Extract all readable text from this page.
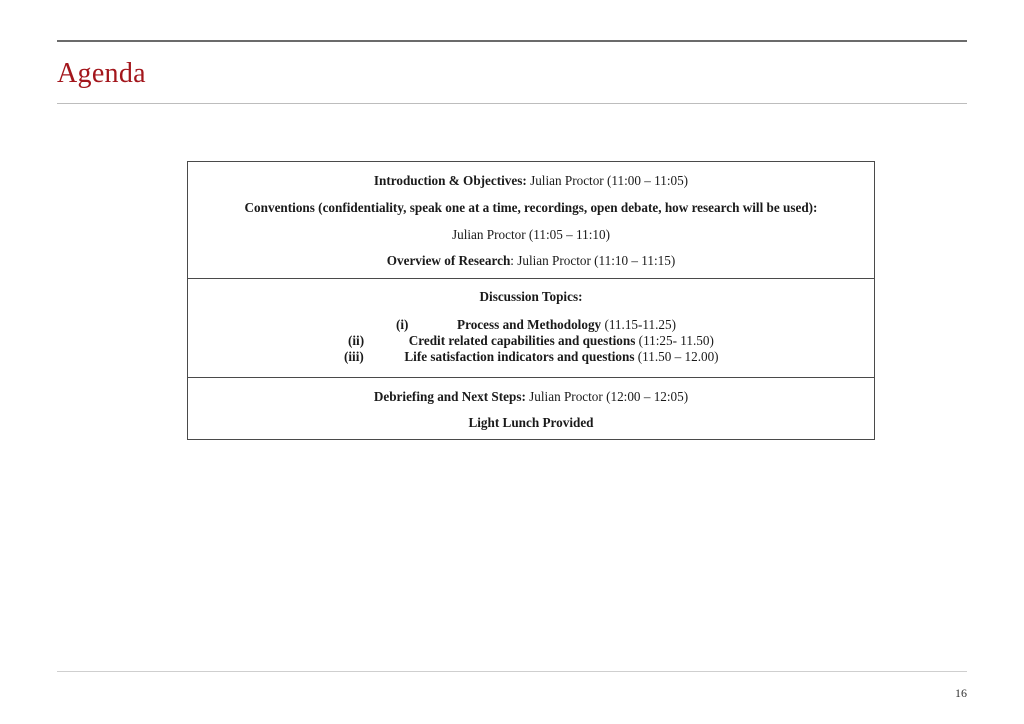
Agenda
Introduction & Objectives: Julian Proctor (11:00 – 11:05)
Conventions (confidentiality, speak one at a time, recordings, open debate, how research will be used):
Julian Proctor (11:05 – 11:10)
Overview of Research: Julian Proctor (11:10 – 11:15)
Discussion Topics:
(i)	Process and Methodology (11.15-11.25)
(ii)	Credit related capabilities and questions (11:25- 11.50)
(iii)	Life satisfaction indicators and questions (11.50 – 12.00)
Debriefing and Next Steps: Julian Proctor (12:00 – 12:05)
Light Lunch Provided
16
